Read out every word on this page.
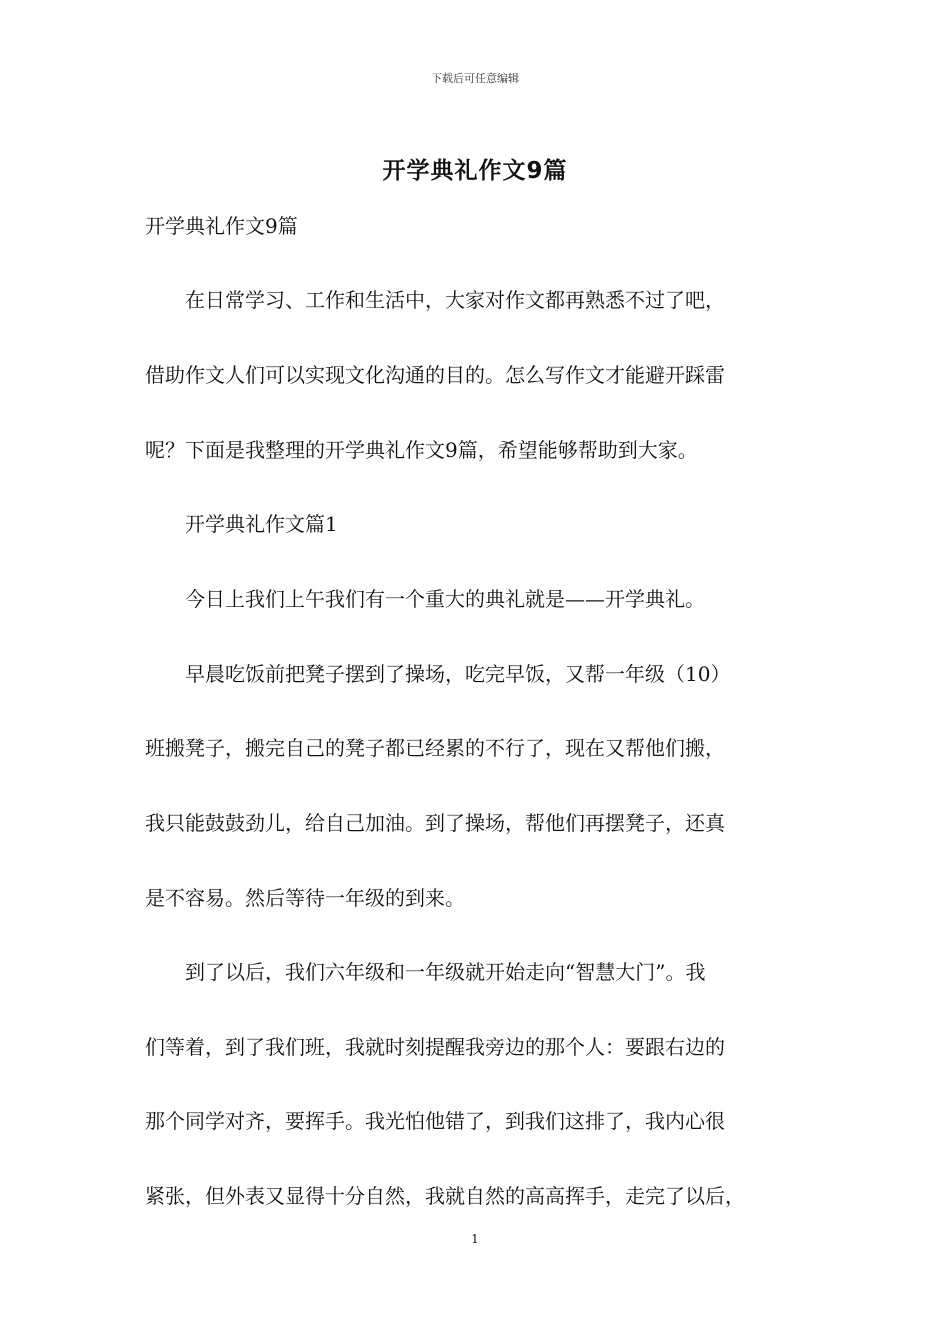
下载后可任意编辑
开学典礼作文9篇
开学典礼作文9篇
　　在日常学习、工作和生活中，大家对作文都再熟悉不过了吧，
借助作文人们可以实现文化沟通的目的。怎么写作文才能避开踩雷
呢？下面是我整理的开学典礼作文9篇，希望能够帮助到大家。
　　开学典礼作文篇1
　　今日上我们上午我们有一个重大的典礼就是——开学典礼。
　　早晨吃饭前把凳子摆到了操场，吃完早饭，又帮一年级（10）
班搬凳子，搬完自己的凳子都已经累的不行了，现在又帮他们搬，
我只能鼓鼓劲儿，给自己加油。到了操场，帮他们再摆凳子，还真
是不容易。然后等待一年级的到来。
　　到了以后，我们六年级和一年级就开始走向“智慧大门”。我
们等着，到了我们班，我就时刻提醒我旁边的那个人：要跟右边的
那个同学对齐，要挥手。我光怕他错了，到我们这排了，我内心很
紧张，但外表又显得十分自然，我就自然的高高挥手，走完了以后，
1
